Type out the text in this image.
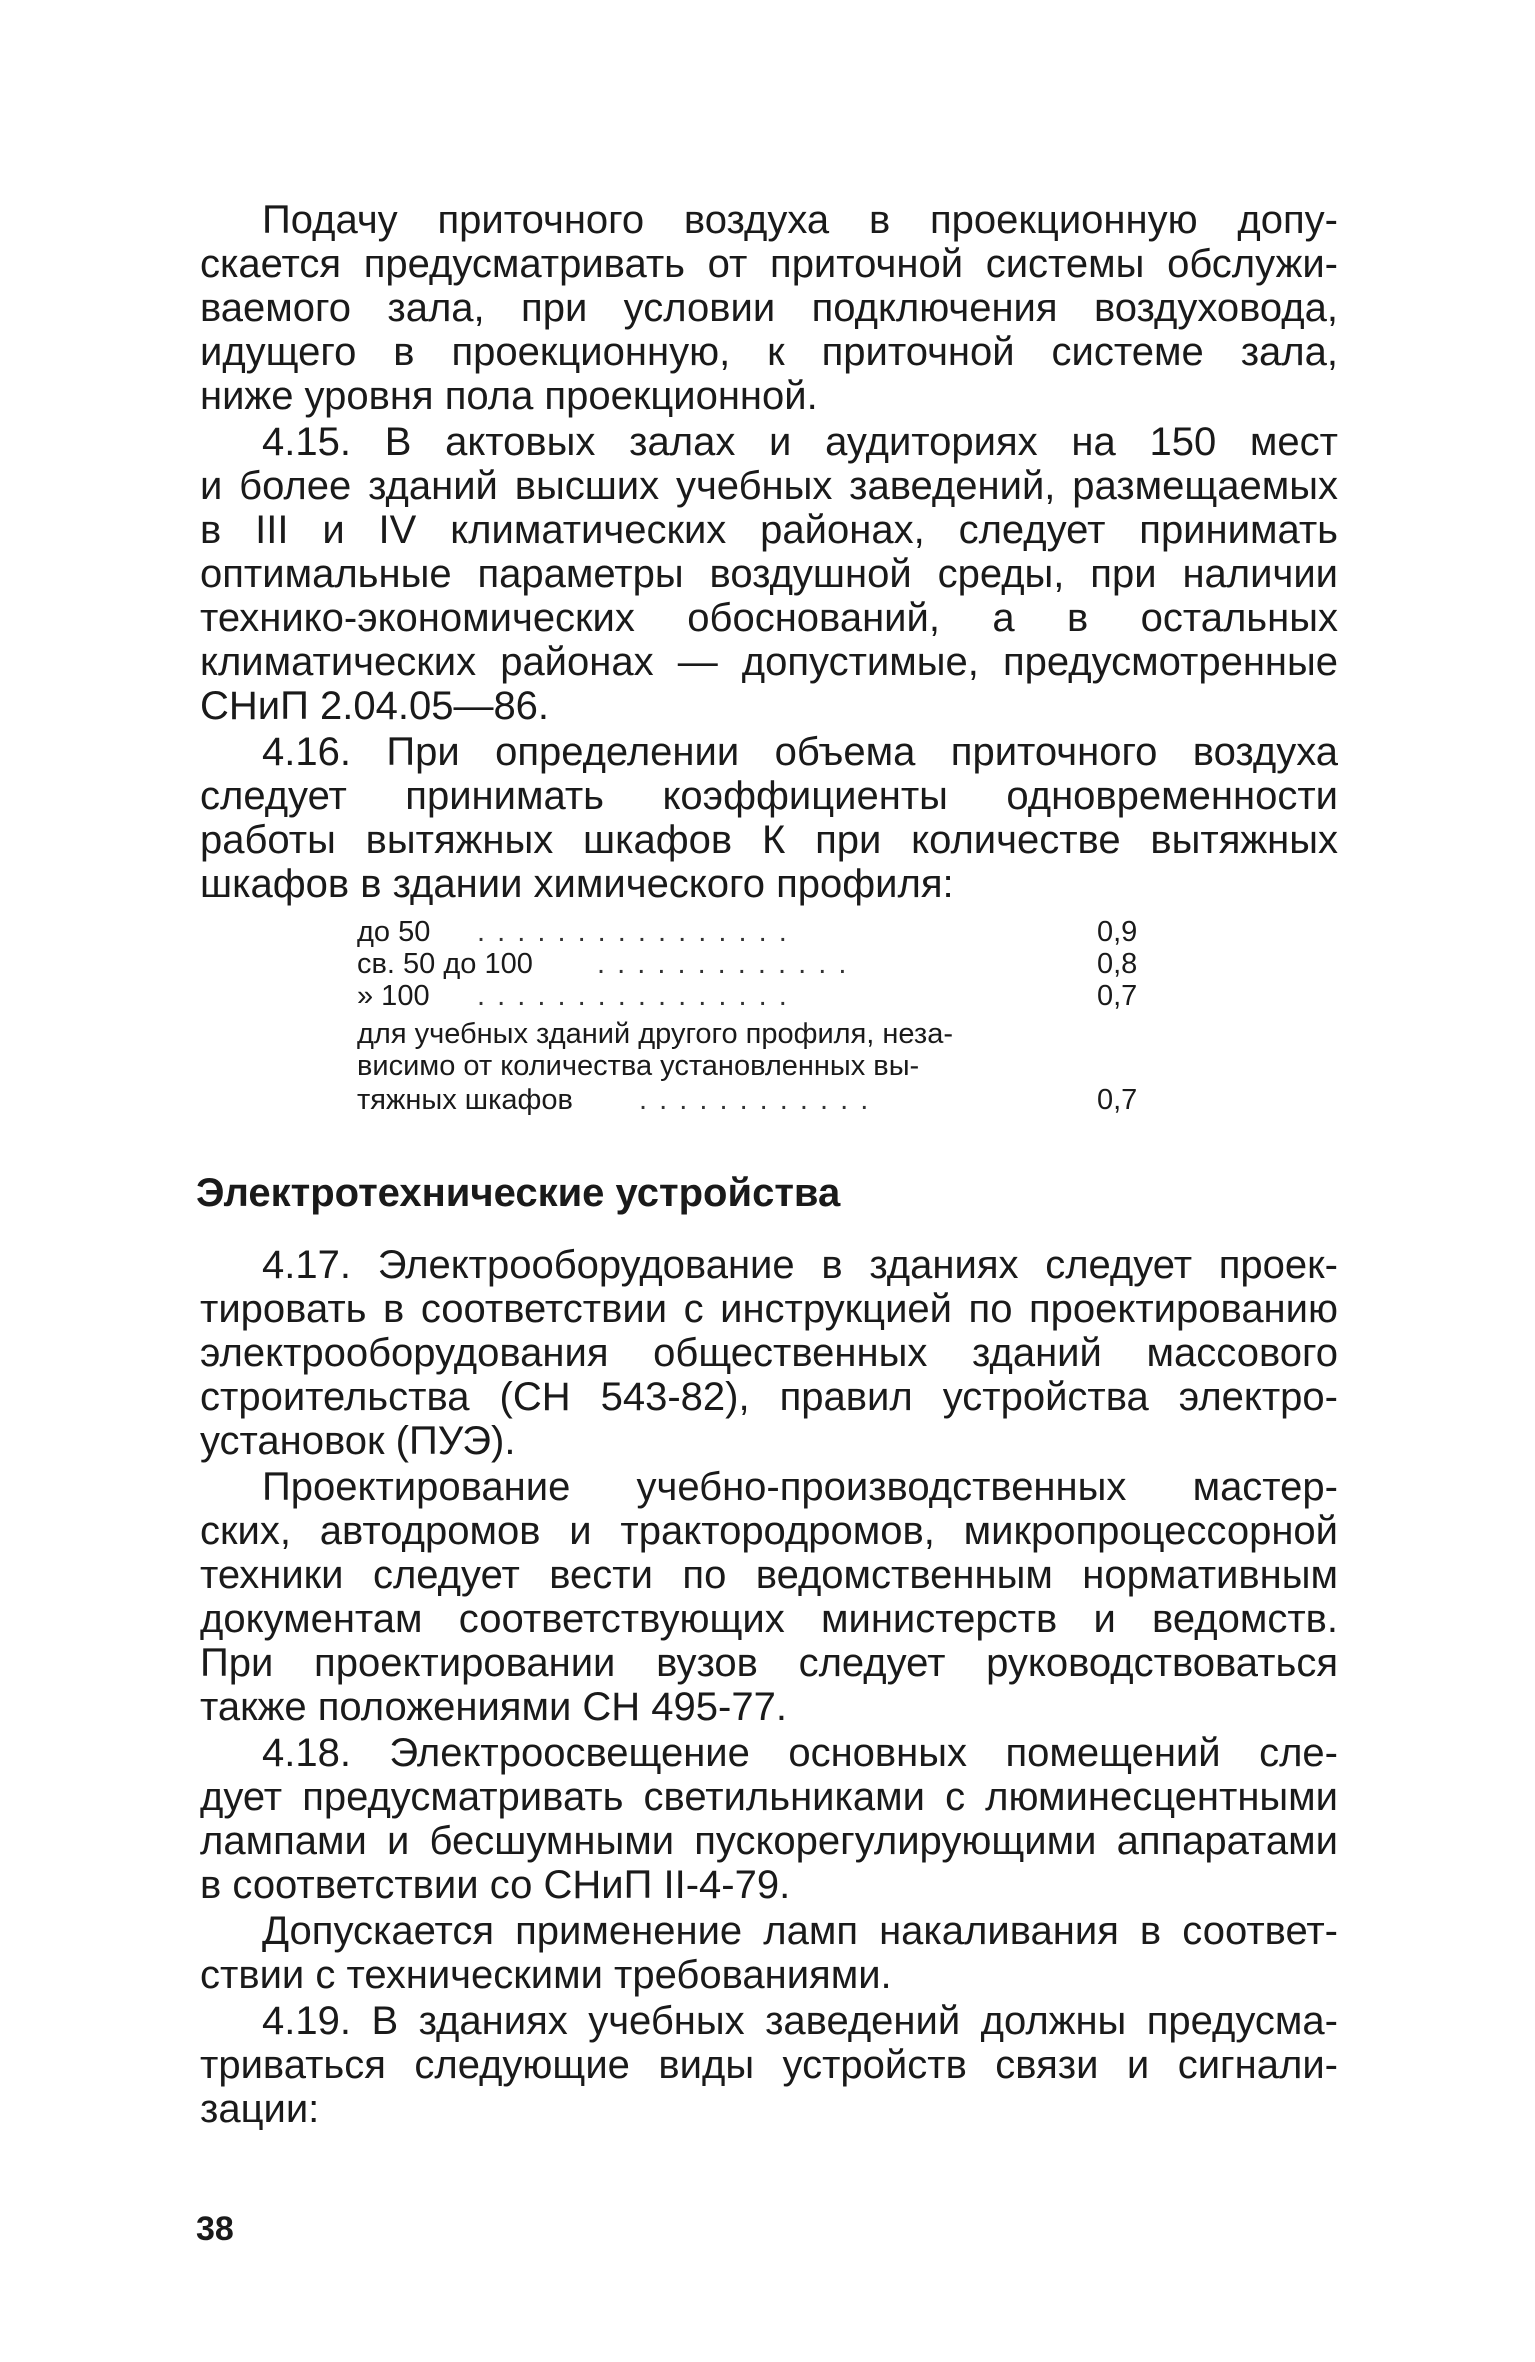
Подачу приточного воздуха в проекционную допу-
скается предусматривать от приточной системы обслужи-
ваемого зала, при условии подключения воздуховода,
идущего в проекционную, к приточной системе зала,
ниже уровня пола проекционной.
4.15. В актовых залах и аудиториях на 150 мест
и более зданий высших учебных заведений, размещаемых
в III и IV климатических районах, следует принимать
оптимальные параметры воздушной среды, при наличии
технико-экономических обоснований, а в остальных
климатических районах — допустимые, предусмотренные
СНиП 2.04.05—86.
4.16. При определении объема приточного воздуха
следует принимать коэффициенты одновременности
работы вытяжных шкафов К при количестве вытяжных
шкафов в здании химического профиля:
до 50 . . . . . . . . . . . . . . . .	0,9
св. 50 до 100 . . . . . . . . . . . . .	0,8
» 100 . . . . . . . . . . . . . . . .	0,7
для учебных зданий другого профиля, неза-
висимо от количества установленных вы-
тяжных шкафов . . . . . . . . . . . .	0,7
Электротехнические устройства
4.17. Электрооборудование в зданиях следует проек-
тировать в соответствии с инструкцией по проектированию
электрооборудования общественных зданий массового
строительства (СН 543-82), правил устройства электро-
установок (ПУЭ).
Проектирование учебно-производственных мастер-
ских, автодромов и трактородромов, микропроцессорной
техники следует вести по ведомственным нормативным
документам соответствующих министерств и ведомств.
При проектировании вузов следует руководствоваться
также положениями СН 495-77.
4.18. Электроосвещение основных помещений сле-
дует предусматривать светильниками с люминесцентными
лампами и бесшумными пускорегулирующими аппаратами
в соответствии со СНиП II-4-79.
Допускается применение ламп накаливания в соответ-
ствии с техническими требованиями.
4.19. В зданиях учебных заведений должны предусма-
триваться следующие виды устройств связи и сигнали-
зации:
38
